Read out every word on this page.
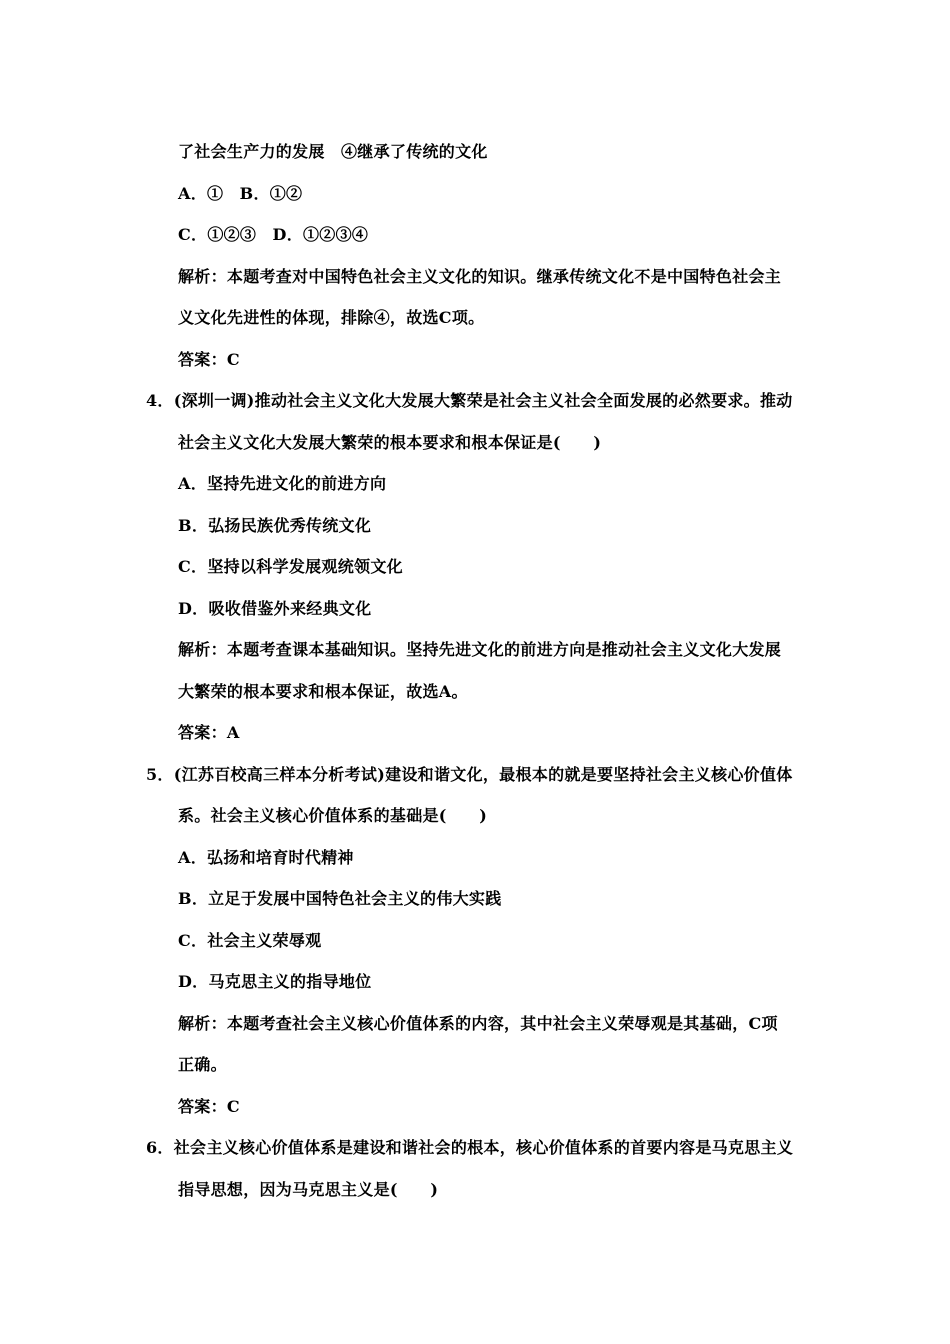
了社会生产力的发展　④继承了传统的文化
A．①　B．①②
C．①②③　D．①②③④
解析：本题考查对中国特色社会主义文化的知识。继承传统文化不是中国特色社会主
义文化先进性的体现，排除④，故选C项。
答案：C
4．(深圳一调)推动社会主义文化大发展大繁荣是社会主义社会全面发展的必然要求。推动
社会主义文化大发展大繁荣的根本要求和根本保证是(　　)
A．坚持先进文化的前进方向
B．弘扬民族优秀传统文化
C．坚持以科学发展观统领文化
D．吸收借鉴外来经典文化
解析：本题考查课本基础知识。坚持先进文化的前进方向是推动社会主义文化大发展
大繁荣的根本要求和根本保证，故选A。
答案：A
5．(江苏百校高三样本分析考试)建设和谐文化，最根本的就是要坚持社会主义核心价值体
系。社会主义核心价值体系的基础是(　　)
A．弘扬和培育时代精神
B．立足于发展中国特色社会主义的伟大实践
C．社会主义荣辱观
D．马克思主义的指导地位
解析：本题考查社会主义核心价值体系的内容，其中社会主义荣辱观是其基础，C项
正确。
答案：C
6．社会主义核心价值体系是建设和谐社会的根本，核心价值体系的首要内容是马克思主义
指导思想，因为马克思主义是(　　)
